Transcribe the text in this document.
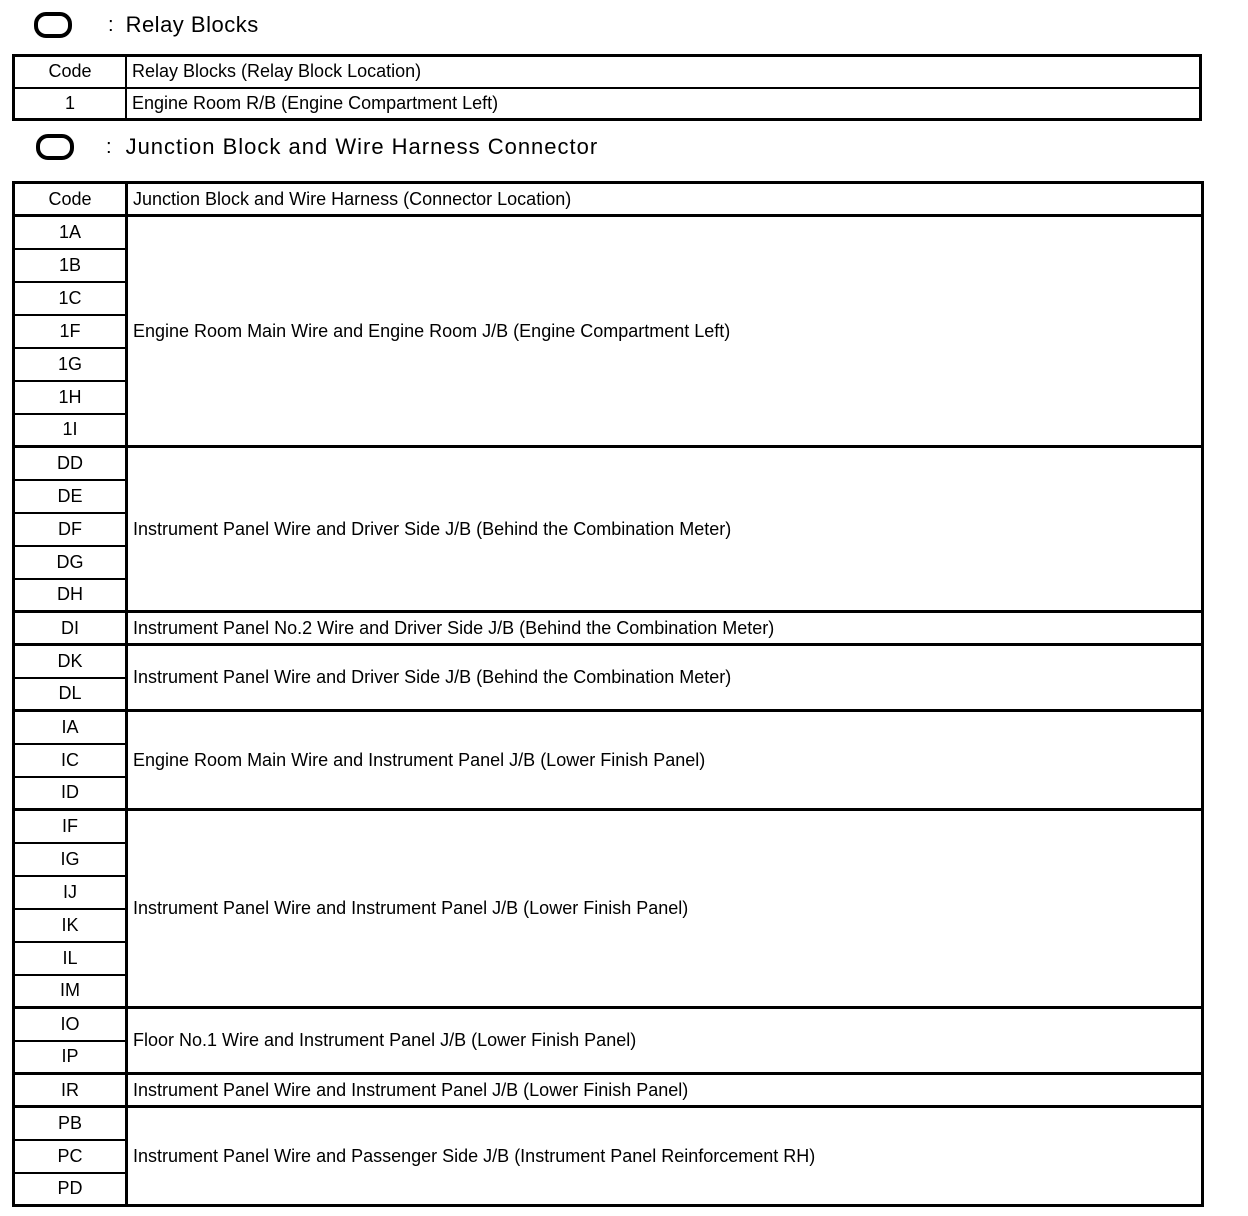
: Relay Blocks
Code	Relay Blocks (Relay Block Location)
1	Engine Room R/B (Engine Compartment Left)
: Junction Block and Wire Harness Connector
Code	Junction Block and Wire Harness (Connector Location)
1A	Engine Room Main Wire and Engine Room J/B (Engine Compartment Left)
1B	
1C	
1F	
1G	
1H	
1I	
DD	Instrument Panel Wire and Driver Side J/B (Behind the Combination Meter)
DE	
DF	
DG	
DH	
DI	Instrument Panel No.2 Wire and Driver Side J/B (Behind the Combination Meter)
DK	Instrument Panel Wire and Driver Side J/B (Behind the Combination Meter)
DL	
IA	Engine Room Main Wire and Instrument Panel J/B (Lower Finish Panel)
IC	
ID	
IF	Instrument Panel Wire and Instrument Panel J/B (Lower Finish Panel)
IG	
IJ	
IK	
IL	
IM	
IO	Floor No.1 Wire and Instrument Panel J/B (Lower Finish Panel)
IP	
IR	Instrument Panel Wire and Instrument Panel J/B (Lower Finish Panel)
PB	Instrument Panel Wire and Passenger Side J/B (Instrument Panel Reinforcement RH)
PC	
PD	
